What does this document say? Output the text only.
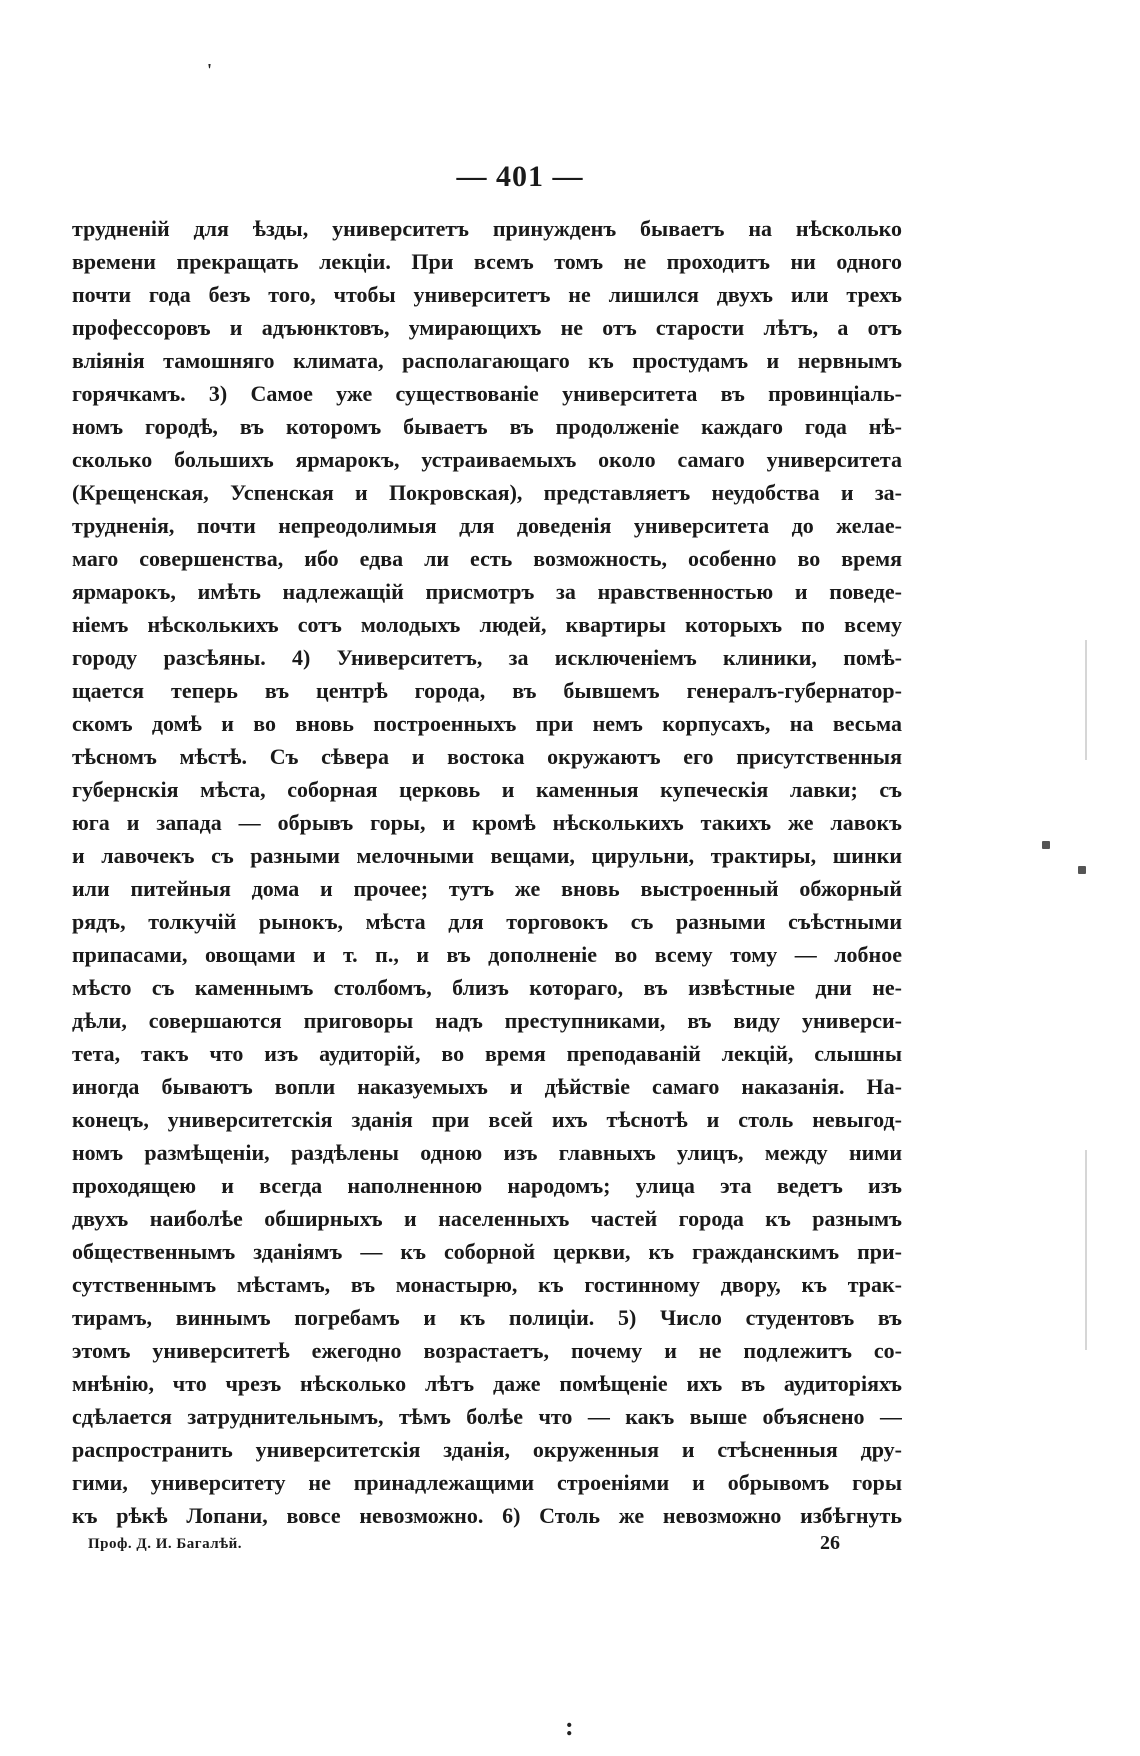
'
— 401 —
трудненій для ѣзды, университетъ принужденъ бываетъ на нѣсколько
времени прекращать лекціи. При всемъ томъ не проходитъ ни одного
почти года безъ того, чтобы университетъ не лишился двухъ или трехъ
профессоровъ и адъюнктовъ, умирающихъ не отъ старости лѣтъ, а отъ
вліянія тамошняго климата, располагающаго къ простудамъ и нервнымъ
горячкамъ. 3) Самое уже существованіе университета въ провинціаль-
номъ городѣ, въ которомъ бываетъ въ продолженіе каждаго года нѣ-
сколько большихъ ярмарокъ, устраиваемыхъ около самаго университета
(Крещенская, Успенская и Покровская), представляетъ неудобства и за-
трудненія, почти непреодолимыя для доведенія университета до желае-
маго совершенства, ибо едва ли есть возможность, особенно во время
ярмарокъ, имѣть надлежащій присмотръ за нравственностью и поведе-
ніемъ нѣсколькихъ сотъ молодыхъ людей, квартиры которыхъ по всему
городу разсѣяны. 4) Университетъ, за исключеніемъ клиники, помѣ-
щается теперь въ центрѣ города, въ бывшемъ генералъ-губернатор-
скомъ домѣ и во вновь построенныхъ при немъ корпусахъ, на весьма
тѣсномъ мѣстѣ. Съ сѣвера и востока окружаютъ его присутственныя
губернскія мѣста, соборная церковь и каменныя купеческія лавки; съ
юга и запада — обрывъ горы, и кромѣ нѣсколькихъ такихъ же лавокъ
и лавочекъ съ разными мелочными вещами, цирульни, трактиры, шинки
или питейныя дома и прочее; тутъ же вновь выстроенный обжорный
рядъ, толкучій рынокъ, мѣста для торговокъ съ разными съѣстными
припасами, овощами и т. п., и въ дополненіе во всему тому — лобное
мѣсто съ каменнымъ столбомъ, близъ котораго, въ извѣстные дни не-
дѣли, совершаются приговоры надъ преступниками, въ виду универси-
тета, такъ что изъ аудиторій, во время преподаваній лекцій, слышны
иногда бываютъ вопли наказуемыхъ и дѣйствіе самаго наказанія. На-
конецъ, университетскія зданія при всей ихъ тѣснотѣ и столь невыгод-
номъ размѣщеніи, раздѣлены одною изъ главныхъ улицъ, между ними
проходящею и всегда наполненною народомъ; улица эта ведетъ изъ
двухъ наиболѣе обширныхъ и населенныхъ частей города къ разнымъ
общественнымъ зданіямъ — къ соборной церкви, къ гражданскимъ при-
сутственнымъ мѣстамъ, въ монастырю, къ гостинному двору, къ трак-
тирамъ, виннымъ погребамъ и къ полиціи. 5) Число студентовъ въ
этомъ университетѣ ежегодно возрастаетъ, почему и не подлежитъ со-
мнѣнію, что чрезъ нѣсколько лѣтъ даже помѣщеніе ихъ въ аудиторіяхъ
сдѣлается затруднительнымъ, тѣмъ болѣе что — какъ выше объяснено —
распространить университетскія зданія, окруженныя и стѣсненныя дру-
гими, университету не принадлежащими строеніями и обрывомъ горы
къ рѣкѣ Лопани, вовсе невозможно. 6) Столь же невозможно избѣгнуть
Проф. Д. И. Багалѣй.	26
:
